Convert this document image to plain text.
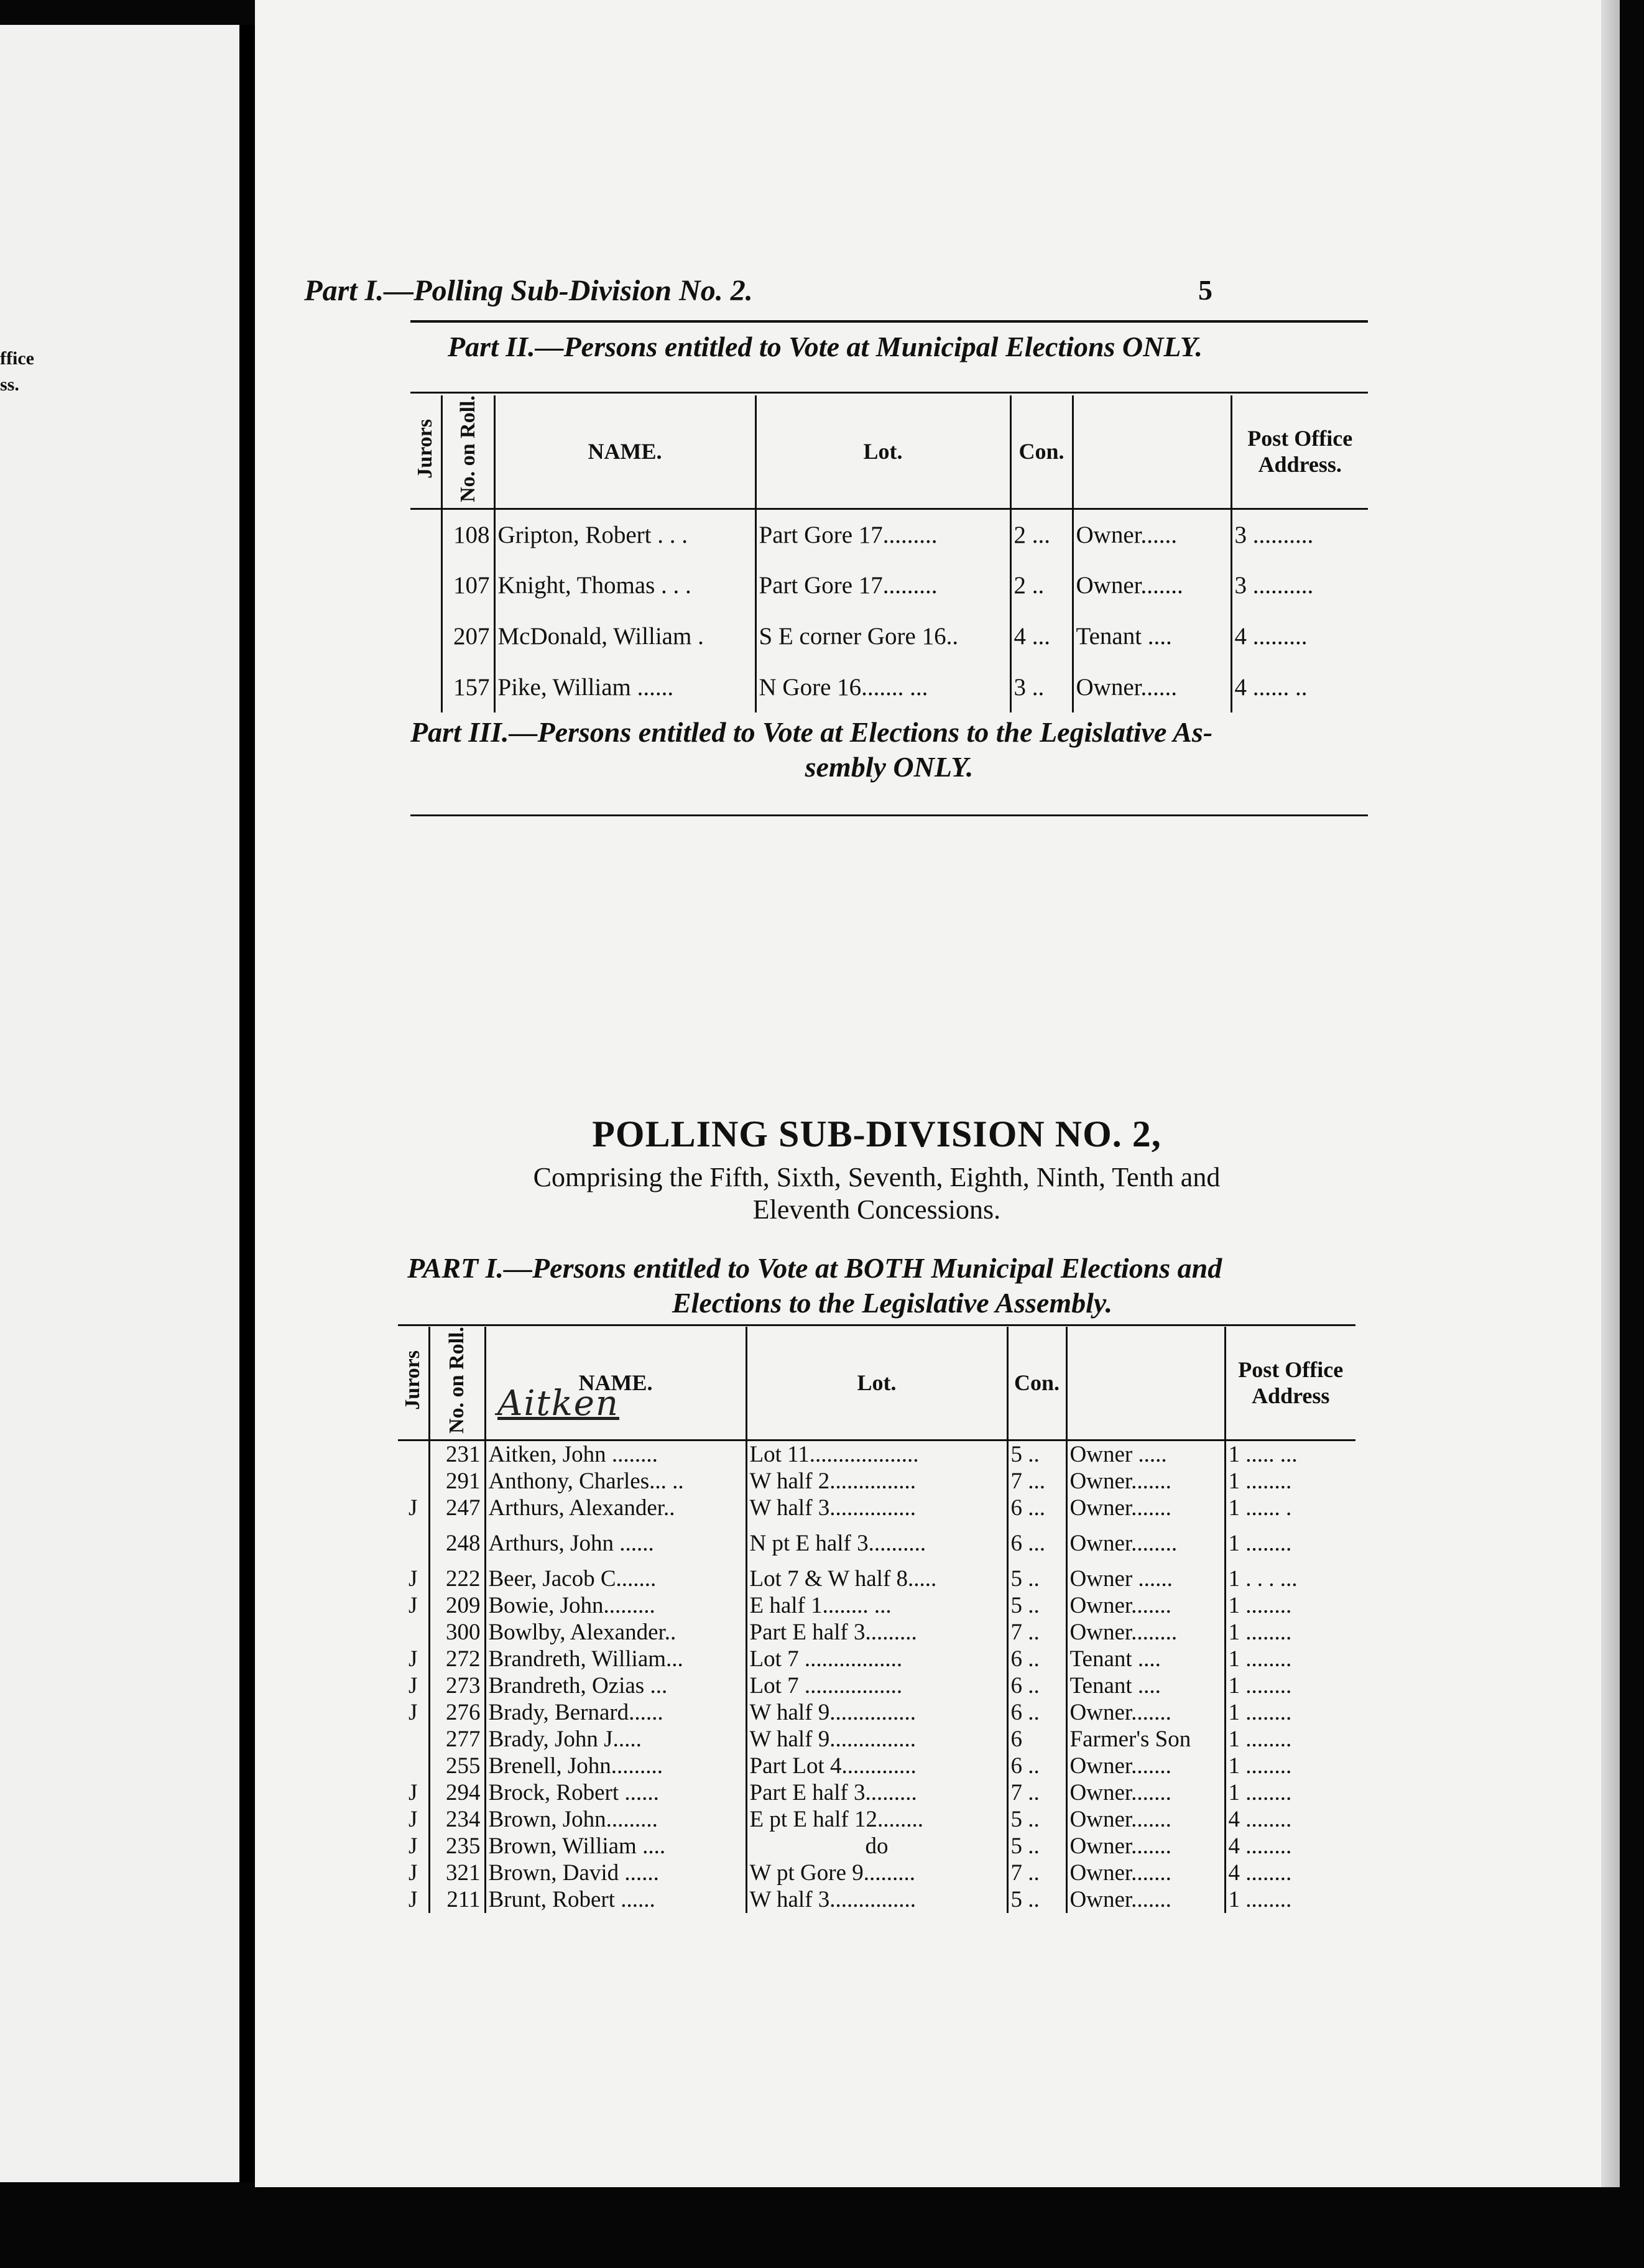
ffice
ss.
Part I.—Polling Sub-Division No. 2.	5
Part II.—Persons entitled to Vote at Municipal Elections ONLY.
Jurors	No. on Roll.	NAME.	Lot.	Con.		Post Office Address.
	108	Gripton, Robert . . .	Part Gore 17.........	2 ...	Owner......	3 ..........
	107	Knight, Thomas . . .	Part Gore 17.........	2 ..	Owner.......	3 ..........
	207	McDonald, William .	S E corner Gore 16..	4 ...	Tenant ....	4 .........
	157	Pike, William ......	N Gore 16....... ...	3 ..	Owner......	4 ...... ..
Part III.—Persons entitled to Vote at Elections to the Legislative As-
sembly ONLY.
POLLING SUB-DIVISION NO. 2,
Comprising the Fifth, Sixth, Seventh, Eighth, Ninth, Tenth and
Eleventh Concessions.
PART I.—Persons entitled to Vote at BOTH Municipal Elections and
Elections to the Legislative Assembly.
Aitken
Jurors	No. on Roll.	NAME.	Lot.	Con.		Post Office Address
	231	Aitken, John ........	Lot 11...................	5 ..	Owner .....	1 ..... ...
	291	Anthony, Charles... ..	W half 2...............	7 ...	Owner.......	1 ........
J	247	Arthurs, Alexander..	W half 3...............	6 ...	Owner.......	1 ...... .
	248	Arthurs, John ......	N pt E half 3..........	6 ...	Owner........	1 ........
J	222	Beer, Jacob C.......	Lot 7 & W half 8.....	5 ..	Owner ......	1 . . . ...
J	209	Bowie, John.........	E half 1........ ...	5 ..	Owner.......	1 ........
	300	Bowlby, Alexander..	Part E half 3.........	7 ..	Owner........	1 ........
J	272	Brandreth, William...	Lot 7 .................	6 ..	Tenant ....	1 ........
J	273	Brandreth, Ozias ...	Lot 7 .................	6 ..	Tenant ....	1 ........
J	276	Brady, Bernard......	W half 9...............	6 ..	Owner.......	1 ........
	277	Brady, John J.....	W half 9...............	6	Farmer's Son	1 ........
	255	Brenell, John.........	Part Lot 4.............	6 ..	Owner.......	1 ........
J	294	Brock, Robert ......	Part E half 3.........	7 ..	Owner.......	1 ........
J	234	Brown, John.........	E pt E half 12........	5 ..	Owner.......	4 ........
J	235	Brown, William ....	do	5 ..	Owner.......	4 ........
J	321	Brown, David ......	W pt Gore 9.........	7 ..	Owner.......	4 ........
J	211	Brunt, Robert ......	W half 3...............	5 ..	Owner.......	1 ........
